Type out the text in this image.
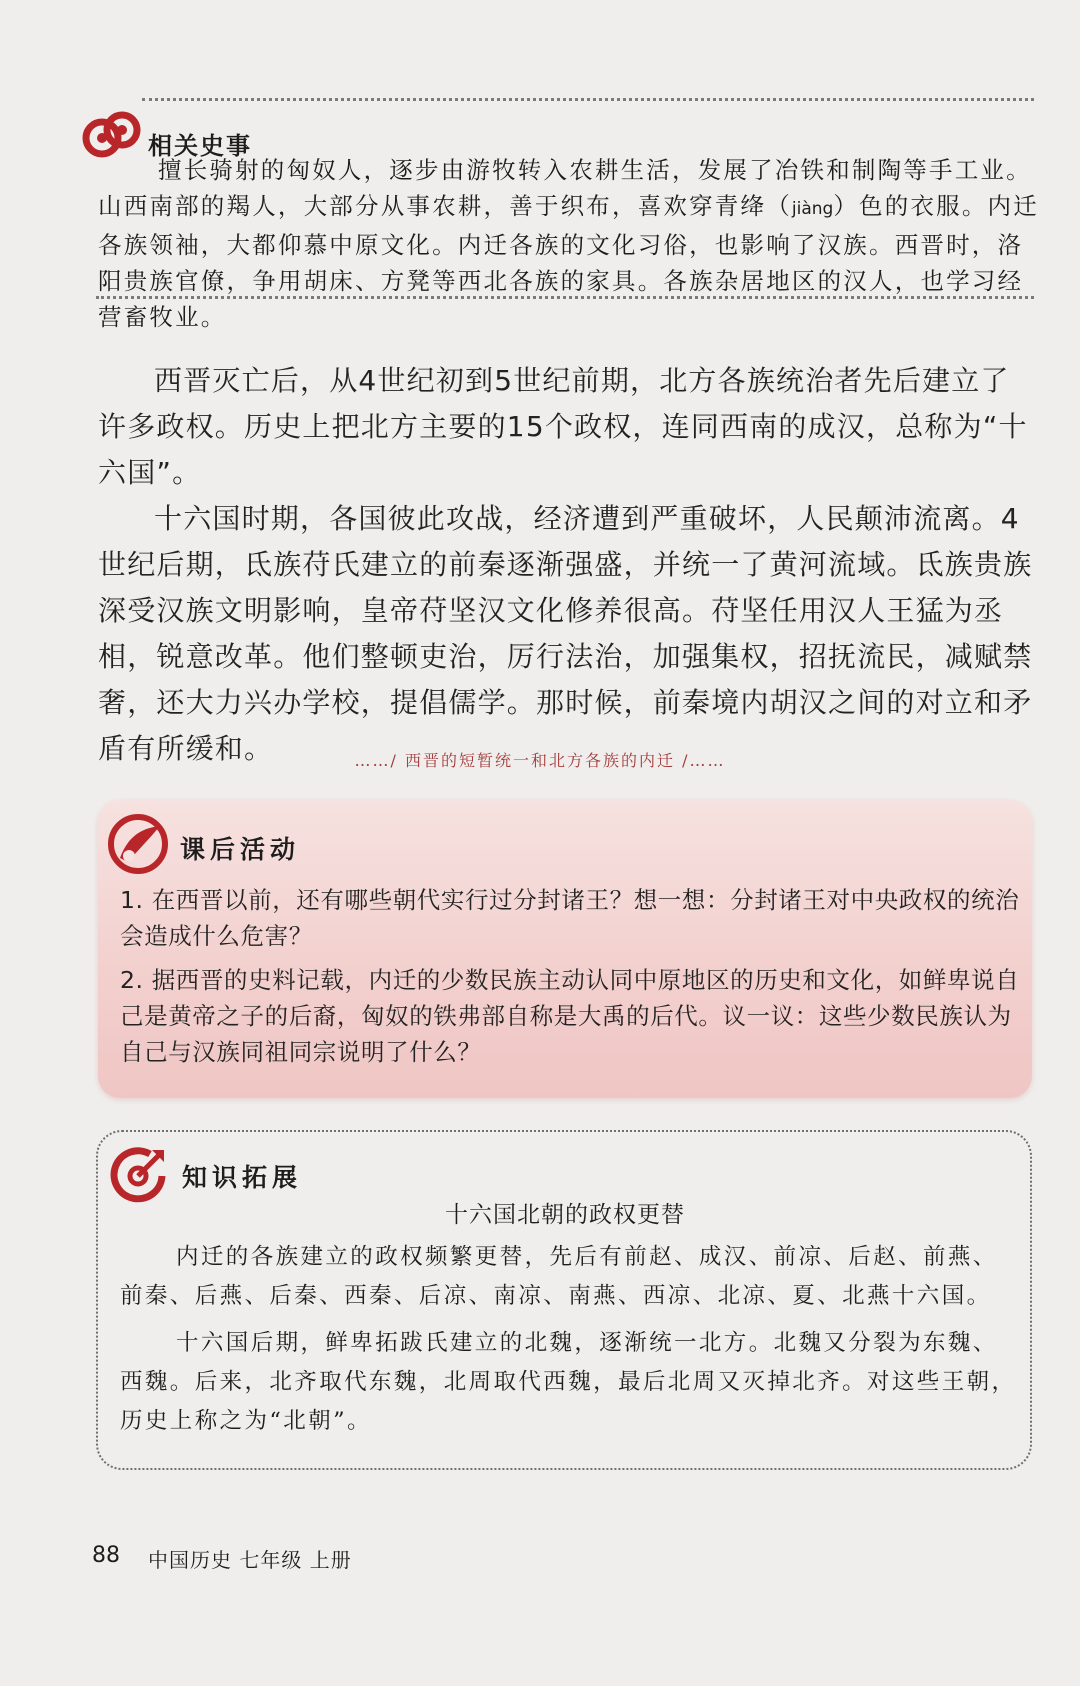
相关史事

擅长骑射的匈奴人，逐步由游牧转入农耕生活，发展了冶铁和制陶等手工业。山西南部的羯人，大部分从事农耕，善于织布，喜欢穿青绛（jiàng）色的衣服。内迁各族领袖，大都仰慕中原文化。内迁各族的文化习俗，也影响了汉族。西晋时，洛阳贵族官僚，争用胡床、方凳等西北各族的家具。各族杂居地区的汉人，也学习经营畜牧业。

西晋灭亡后，从4世纪初到5世纪前期，北方各族统治者先后建立了许多政权。历史上把北方主要的15个政权，连同西南的成汉，总称为“十六国”。

十六国时期，各国彼此攻战，经济遭到严重破坏，人民颠沛流离。4世纪后期，氐族苻氏建立的前秦逐渐强盛，并统一了黄河流域。氐族贵族深受汉族文明影响，皇帝苻坚汉文化修养很高。苻坚任用汉人王猛为丞相，锐意改革。他们整顿吏治，厉行法治，加强集权，招抚流民，减赋禁奢，还大力兴办学校，提倡儒学。那时候，前秦境内胡汉之间的对立和矛盾有所缓和。	……/ 西晋的短暂统一和北方各族的内迁 /……
课后活动

1. 在西晋以前，还有哪些朝代实行过分封诸王？想一想：分封诸王对中央政权的统治会造成什么危害？

2. 据西晋的史料记载，内迁的少数民族主动认同中原地区的历史和文化，如鲜卑说自己是黄帝之子的后裔，匈奴的铁弗部自称是大禹的后代。议一议：这些少数民族认为自己与汉族同祖同宗说明了什么？

知识拓展
十六国北朝的政权更替

内迁的各族建立的政权频繁更替，先后有前赵、成汉、前凉、后赵、前燕、前秦、后燕、后秦、西秦、后凉、南凉、南燕、西凉、北凉、夏、北燕十六国。

十六国后期，鲜卑拓跋氏建立的北魏，逐渐统一北方。北魏又分裂为东魏、西魏。后来，北齐取代东魏，北周取代西魏，最后北周又灭掉北齐。对这些王朝，历史上称之为“北朝”。

88 中国历史 七年级 上册
